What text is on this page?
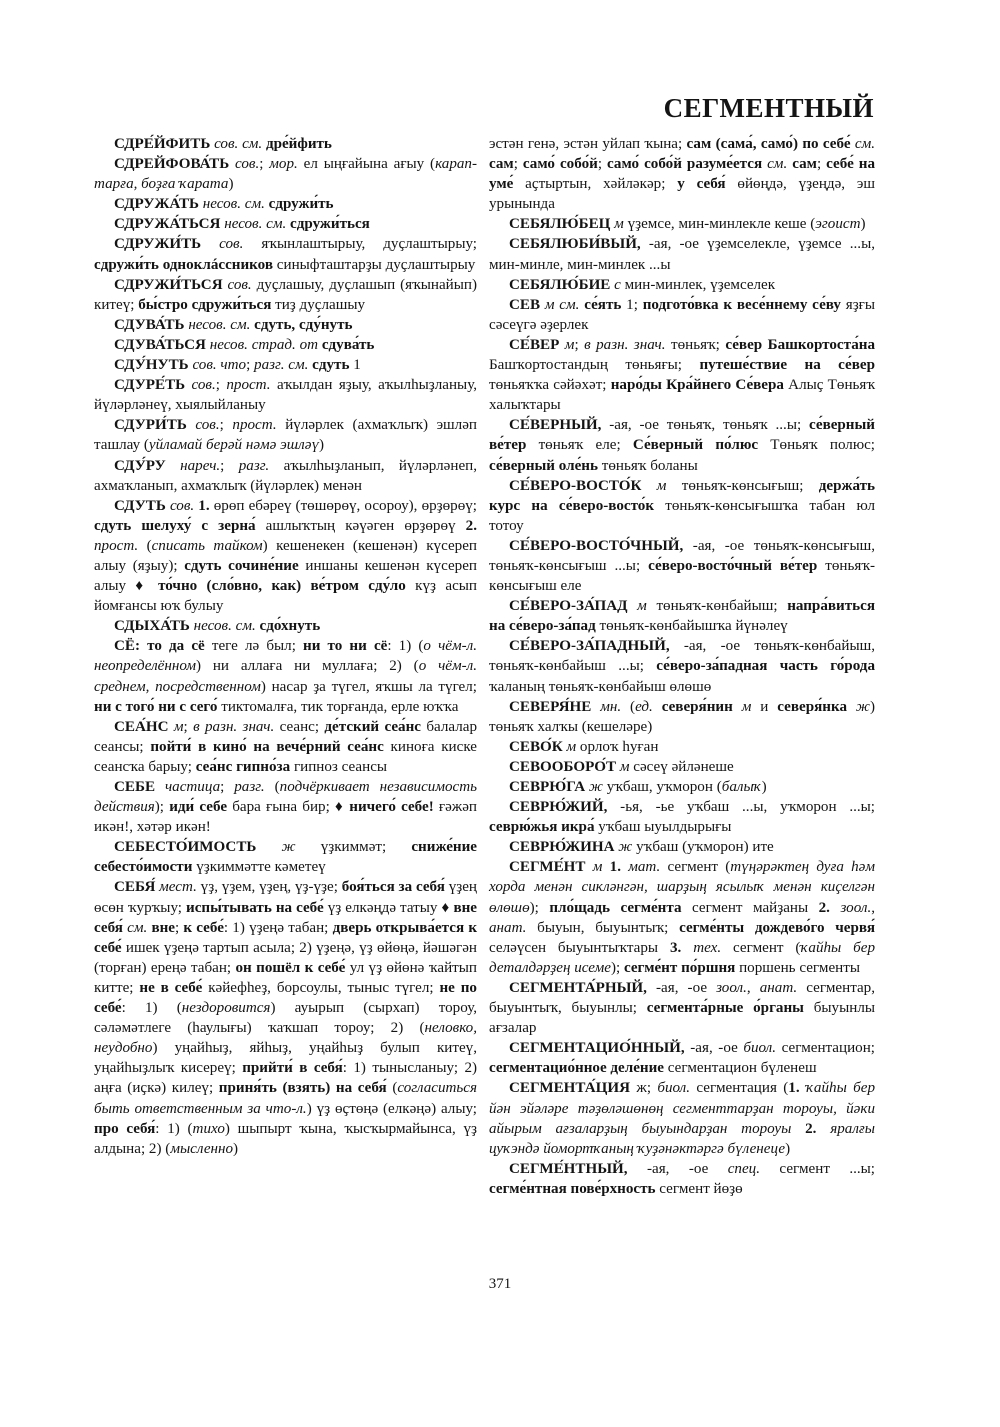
СЕГМЕНТНЫЙ

СДРЕ́ЙФИТЬ сов. см. дре́йфить

СДРЕЙФОВА́ТЬ сов.; мор. ел ыңғайына ағыу (караптарға, боҙға ҡарата)

СДРУЖА́ТЬ несов. см. сдружи́ть

СДРУЖА́ТЬСЯ несов. см. сдружи́ться

СДРУЖИ́ТЬ сов. яҡынлаштырыу, дуҫлаштырыу; сдружи́ть одноклáссников синыфташтарҙы дуҫлаштырыу

СДРУЖИ́ТЬСЯ сов. дуҫлашыу, дуҫлашып (яҡынайып) китеү; бы́стро сдружи́ться тиҙ дуҫлашыу

СДУВА́ТЬ несов. см. сдуть, сду́нуть

СДУВА́ТЬСЯ несов. страд. от сдува́ть

СДУ́НУТЬ сов. что; разг. см. сдуть 1

СДУРЕ́ТЬ сов.; прост. аҡылдан яҙыу, аҡылһыҙланыу, йүләрләнеү, хыялыйланыу

СДУРИ́ТЬ сов.; прост. йүләрлек (ахмаҡлыҡ) эшләп ташлау (уйламай берәй нәмә эшләү)

СДУ́РУ нареч.; разг. аҡылһыҙланып, йүләрләнеп, ахмаҡланып, ахмаҡлыҡ (йүләрлек) менән

СДУТЬ сов. 1. өрөп ебәреү (төшөрөү, осороу), өрҙөрөү; сдуть шелуху́ с зерна́ ашлыҡтың кәүәген өрҙөрөү 2. прост. (списать тайком) кешенекен (кешенән) күсереп алыу (яҙыу); сдуть сочине́ние иншаны кешенән күсереп алыу ♦ то́чно (сло́вно, как) ве́тром сду́ло күҙ асып йомғансы юҡ булыу

СДЫХА́ТЬ несов. см. сдо́хнуть

СЁ: то да сё теге лә был; ни то ни сё: 1) (о чём-л. неопределённом) ни аллаға ни муллаға; 2) (о чём-л. среднем, посредственном) насар ҙа түгел, яҡшы ла түгел; ни с того́ ни с сего́ тиктомалға, тик торғанда, ерле юҡҡа

СЕА́НС м; в разн. знач. сеанс; де́тский сеа́нс балалар сеансы; пойти́ в кино́ на вече́рний сеа́нс киноға киске сеансҡа барыу; сеа́нс гипно́за гипноз сеансы

СЕБЕ частица; разг. (подчёркивает независимость действия); иди́ себе бара ғына бир; ♦ ничего́ себе! ғәжәп икән!, хәтәр икән!

СЕБЕСТО́ИМОСТЬ ж үҙкиммәт; сниже́ние себесто́имости үҙкиммәтте кәметеү

СЕБЯ́ мест. үҙ, үҙем, үҙең, үҙ-үҙе; боя́ться за себя́ үҙең өсөн ҡурҡыу; испы́тывать на себе́ үҙ елкәңдә татыу ♦ вне себя́ см. вне; к себе́: 1) үҙеңә табан; дверь открыва́ется к себе́ ишек үҙеңә тартып асыла; 2) үҙеңә, үҙ өйөңә, йәшәгән (торған) ереңә табан; он пошёл к себе́ ул үҙ өйөнә ҡайтып китте; не в себе́ кәйефһеҙ, борсоулы, тыныс түгел; не по себе́: 1) (нездоровится) ауырып (сырхап) тороу, сәләмәтлеге (һаулығы) ҡаҡшап тороу; 2) (неловко, неудобно) уңайһыҙ, яйһыҙ, уңайһыҙ булып китеү, уңайһыҙлыҡ кисереү; прийти́ в себя́: 1) тынысланыу; 2) аңға (иҫкә) килеү; приня́ть (взять) на себя́ (согласиться быть ответственным за что-л.) үҙ өҫтөңә (елкәңә) алыу; про себя́: 1) (тихо) шыпырт ҡына, ҡысҡырмайынса, үҙ алдына; 2) (мысленно)

эстән генә, эстән уйлап ҡына; сам (сама́, само́) по себе́ см. сам; само́ собо́й; само́ собо́й разуме́ется см. сам; себе́ на уме́ аҫтыртын, хәйләкәр; у себя́ өйөңдә, үҙеңдә, эш урынында

СЕБЯЛЮ́БЕЦ м үҙемсе, мин-минлекле кеше (эгоист)

СЕБЯЛЮБИ́ВЫЙ, -ая, -ое үҙемселекле, үҙемсе ...ы, мин-минле, мин-минлек ...ы

СЕБЯЛЮ́БИЕ с мин-минлек, үҙемселек

СЕВ м см. се́ять 1; подгото́вка к весе́ннему се́ву яҙғы сәсеүгә әҙерлек

СЕ́ВЕР м; в разн. знач. төньяҡ; се́вер Башкортоста́на Башҡортостандың төньяғы; путеше́ствие на се́вер төньяҡҡа сәйәхәт; наро́ды Кра́йнего Се́вера Алыҫ Төньяҡ халыҡтары

СЕ́ВЕРНЫЙ, -ая, -ое төньяҡ, төньяҡ ...ы; се́верный ве́тер төньяҡ еле; Се́верный по́люс Төньяҡ полюс; се́верный оле́нь төньяҡ боланы

СЕ́ВЕРО-ВОСТО́К м төньяҡ-көнсығыш; держа́ть курс на се́веро-восто́к төньяҡ-көнсығышҡа табан юл тотоу

СЕ́ВЕРО-ВОСТО́ЧНЫЙ, -ая, -ое төньяҡ-көнсығыш, төньяҡ-көнсығыш ...ы; се́веро-восто́чный ве́тер төньяҡ-көнсығыш еле

СЕ́ВЕРО-ЗА́ПАД м төньяҡ-көнбайыш; напра́виться на се́веро-за́пад төньяҡ-көнбайышҡа йүнәлеү

СЕ́ВЕРО-ЗА́ПАДНЫЙ, -ая, -ое төньяҡ-көнбайыш, төньяҡ-көнбайыш ...ы; се́веро-за́падная часть го́рода ҡаланың төньяҡ-көнбайыш өлөшө

СЕВЕРЯ́НЕ мн. (ед. северя́нин м и северя́нка ж) төньяҡ халҡы (кешеләре)

СЕВО́К м орлоҡ һуған

СЕВООБОРО́Т м сәсеү әйләнеше

СЕВРЮ́ГА ж уҡбаш, уҡморон (балыҡ)

СЕВРЮ́ЖИЙ, -ья, -ье уҡбаш ...ы, уҡморон ...ы; севрю́жья икра́ уҡбаш ыуылдырығы

СЕВРЮ́ЖИНА ж уҡбаш (уҡморон) ите

СЕГМЕ́НТ м 1. мат. сегмент (түңәрәктең дуға һәм хорда менән сикләнгән, шарҙың ясылыҡ менән киҫелгән өлөшө); пло́щадь сегме́нта сегмент майҙаны 2. зоол., анат. быуын, быуынтыҡ; сегме́нты дождево́го червя́ селәүсен быуынтыҡтары 3. тех. сегмент (ҡайһы бер деталдәрҙең исеме); сегме́нт по́ршня поршень сегменты

СЕГМЕНТА́РНЫЙ, -ая, -ое зоол., анат. сегментар, быуынтыҡ, быуынлы; сегмента́рные о́рганы быуынлы ағзалар

СЕГМЕНТАЦИО́ННЫЙ, -ая, -ое биол. сегментацион; сегментацио́нное деле́ние сегментацион бүленеш

СЕГМЕНТА́ЦИЯ ж; биол. сегментация (1. ҡайһы бер йән эйәләре тәҙөләшөнөң сегменттарҙан тороуы, йәки айырым ағзаларҙың быуындарҙан тороуы 2. яралғы цуҡэндә йомортҡаның ҡуҙәнәктәргә бүленеце)

СЕГМЕ́НТНЫЙ, -ая, -ое спец. сегмент ...ы; сегме́нтная пове́рхность сегмент йөҙө

371
